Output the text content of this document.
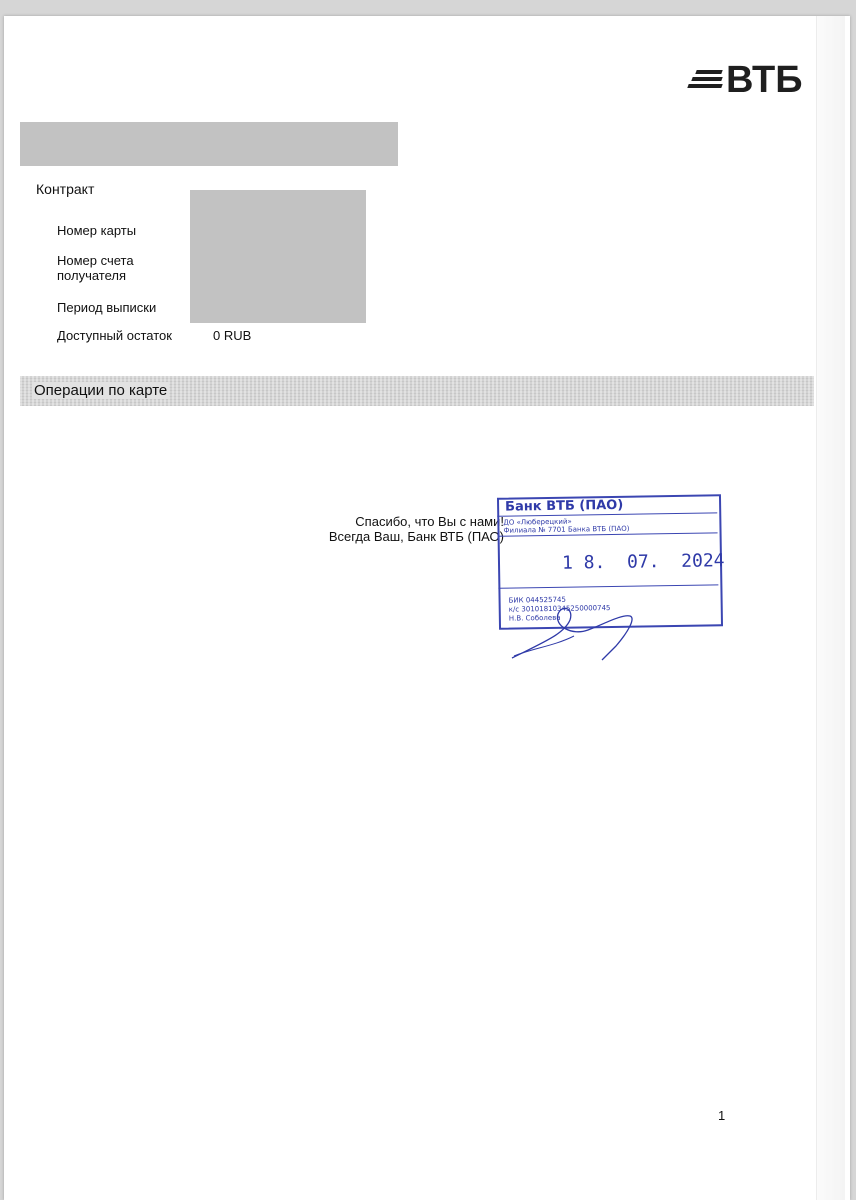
ВТБ
Контракт
Номер карты
Номер счета
получателя
Период выписки
Доступный остаток	0 RUB
Операции по карте
Спасибо, что Вы с нами!
Всегда Ваш, Банк ВТБ (ПАО)
Банк ВТБ (ПАО)
ДО «Люберецкий»
Филиала № 7701 Банка ВТБ (ПАО)
1 8.  07.  2024
БИК 044525745
к/с 30101810345250000745
Н.В. Соболева
1
